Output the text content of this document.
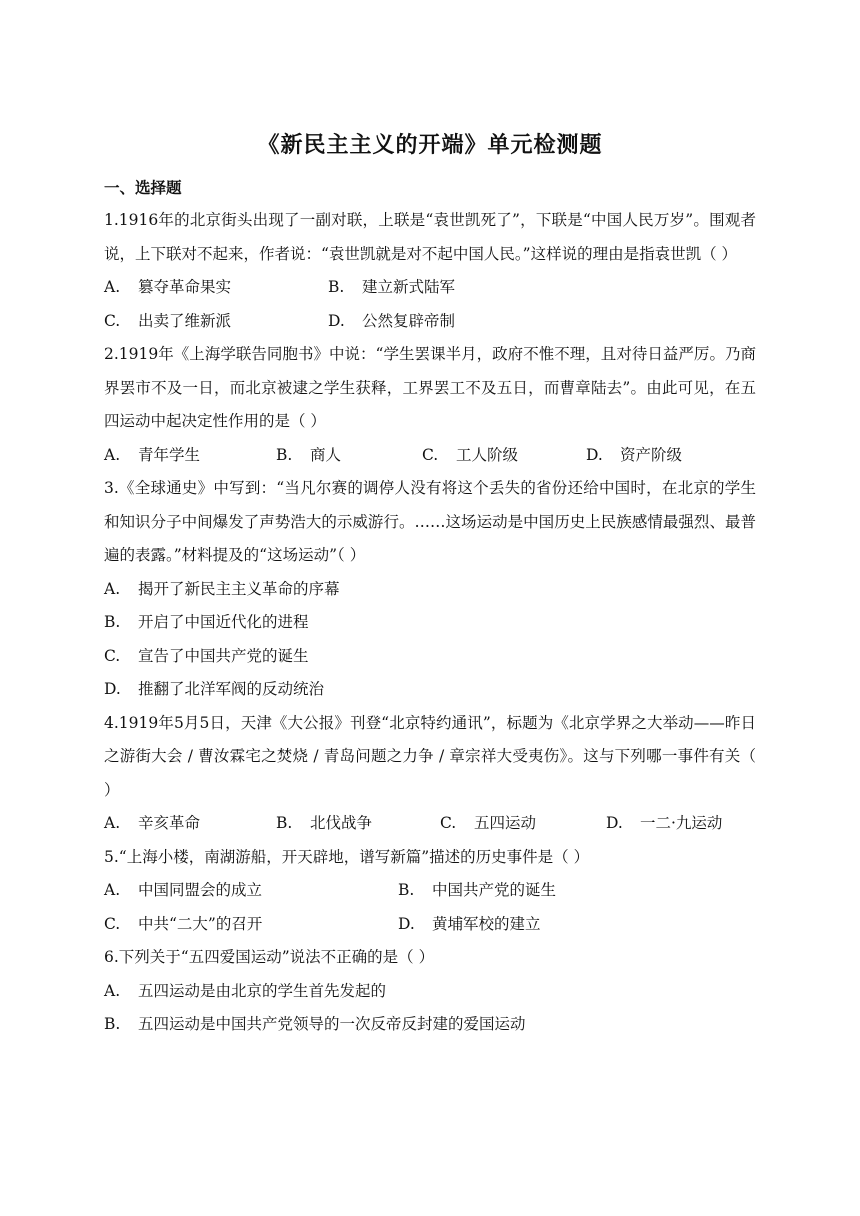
《新民主主义的开端》单元检测题
一、选择题

1.1916年的北京街头出现了一副对联，上联是“袁世凯死了”，下联是“中国人民万岁”。围观者说，上下联对不起来，作者说：“袁世凯就是对不起中国人民。”这样说的理由是指袁世凯（ ）

A. 篡夺革命果实	B. 建立新式陆军
C. 出卖了维新派	D. 公然复辟帝制

2.1919年《上海学联告同胞书》中说：“学生罢课半月，政府不惟不理，且对待日益严厉。乃商界罢市不及一日，而北京被逮之学生获释，工界罢工不及五日，而曹章陆去”。由此可见，在五四运动中起决定性作用的是（ ）

A. 青年学生	B. 商人	C. 工人阶级	D. 资产阶级

3.《全球通史》中写到：“当凡尔赛的调停人没有将这个丢失的省份还给中国时，在北京的学生和知识分子中间爆发了声势浩大的示威游行。……这场运动是中国历史上民族感情最强烈、最普遍的表露。”材料提及的“这场运动”（ ）

A. 揭开了新民主主义革命的序幕

B. 开启了中国近代化的进程

C. 宣告了中国共产党的诞生

D. 推翻了北洋军阀的反动统治

4.1919年5月5日，天津《大公报》刊登“北京特约通讯”，标题为《北京学界之大举动——昨日之游街大会 / 曹汝霖宅之焚烧 / 青岛问题之力争 / 章宗祥大受夷伤》。这与下列哪一事件有关（ ）

A. 辛亥革命	B. 北伐战争	C. 五四运动	D. 一二·九运动

5.“上海小楼，南湖游船，开天辟地，谱写新篇”描述的历史事件是（ ）

A. 中国同盟会的成立	B. 中国共产党的诞生
C. 中共“二大”的召开	D. 黄埔军校的建立

6.下列关于“五四爱国运动”说法不正确的是（ ）

A. 五四运动是由北京的学生首先发起的

B. 五四运动是中国共产党领导的一次反帝反封建的爱国运动
